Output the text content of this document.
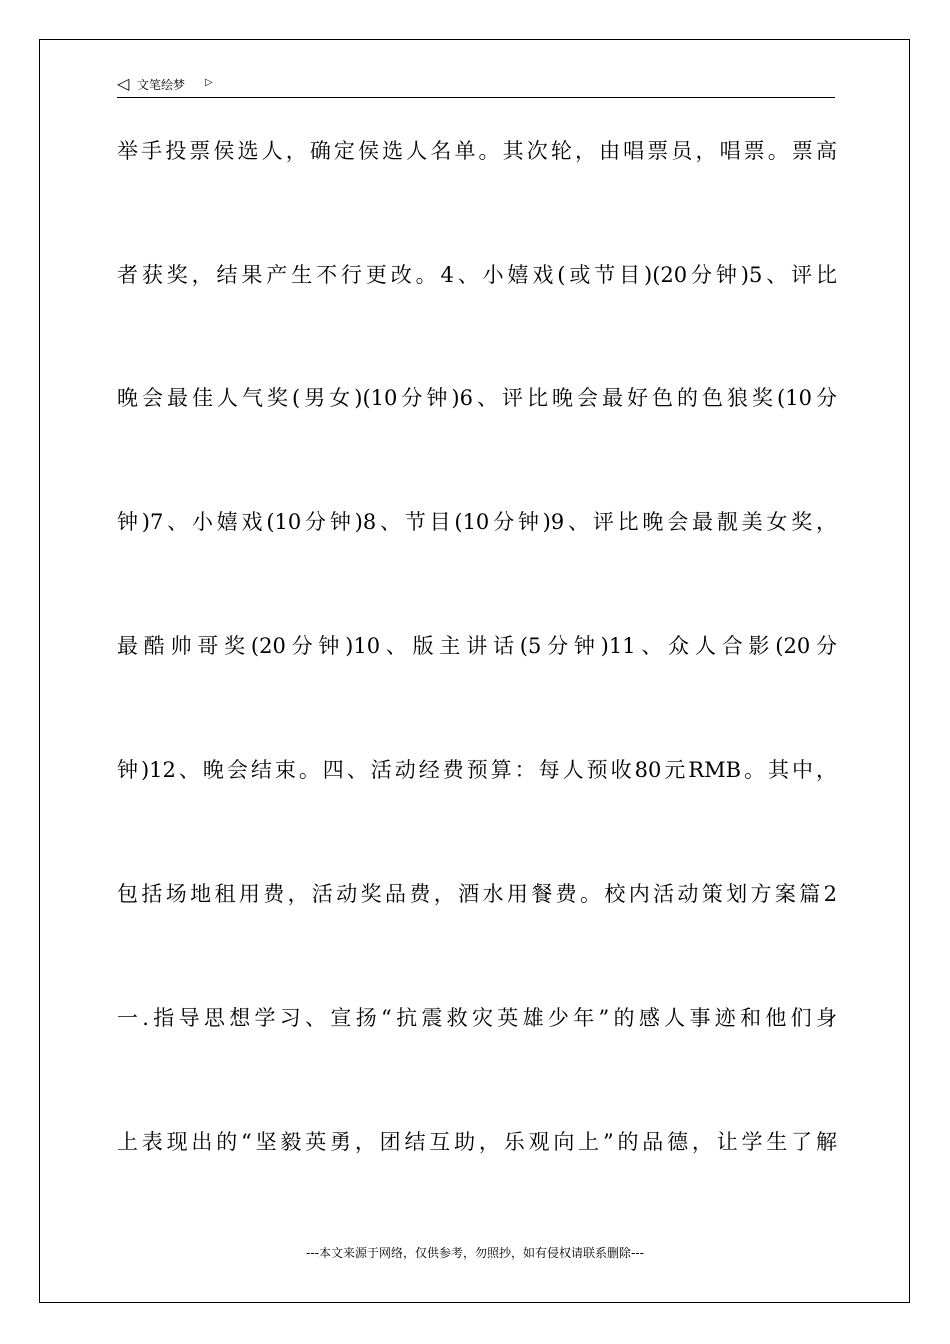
◁ 文笔绘梦 ▷
举手投票侯选人，确定侯选人名单。其次轮，由唱票员，唱票。票高
者获奖，结果产生不行更改。4、小嬉戏(或节目)(20分钟)5、评比
晚会最佳人气奖(男女)(10分钟)6、评比晚会最好色的色狼奖(10分
钟)7、小嬉戏(10分钟)8、节目(10分钟)9、评比晚会最靓美女奖，
最酷帅哥奖(20分钟)10、版主讲话(5分钟)11、众人合影(20分
钟)12、晚会结束。四、活动经费预算：每人预收80元RMB。其中，
包括场地租用费，活动奖品费，酒水用餐费。校内活动策划方案篇2
一.指导思想学习、宣扬“抗震救灾英雄少年”的感人事迹和他们身
上表现出的“坚毅英勇，团结互助，乐观向上”的品德，让学生了解
---本文来源于网络，仅供参考，勿照抄，如有侵权请联系删除---
